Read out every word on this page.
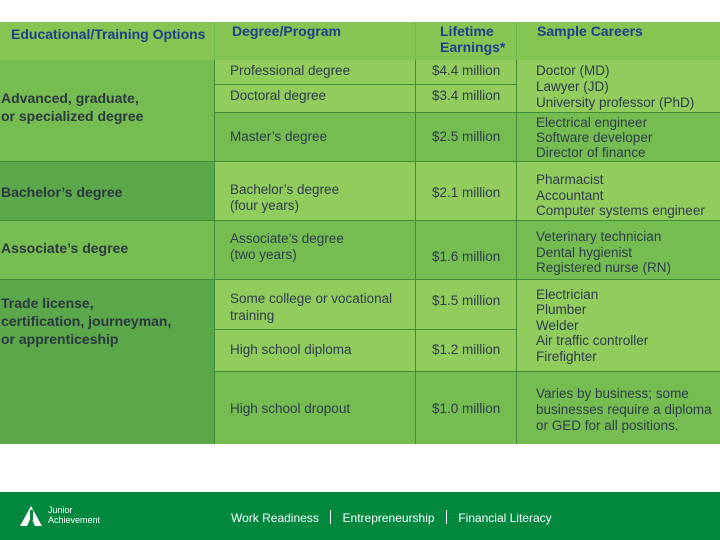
Educational/Training Options Degree/Program	Lifetime
Earnings*
Sample Careers
Advanced, graduate,
or specialized degree
Bachelor’s degree
Associate’s degree
Trade license,
certification, journeyman,
or apprenticeship
Professional degree
Doctoral degree
Master’s degree
Bachelor’s degree
(four years)
Associate’s degree
(two years)
Some college or vocational
training
High school diploma
High school dropout
$4.4 million
$3.4 million
$2.5 million
$2.1 million
$1.6 million
$1.5 million
$1.2 million
$1.0 million
Doctor (MD)
Lawyer (JD)
University professor (PhD)
Electrical engineer
Software developer
Director of finance
Pharmacist
Accountant
Computer systems engineer
Veterinary technician
Dental hygienist
Registered nurse (RN)
Electrician
Plumber
Welder
Air traffic controller
Firefighter
Varies by business; some
businesses require a diploma
or GED for all positions.
Junior
Achievement	Work Readiness Entrepreneurship Financial Literacy
